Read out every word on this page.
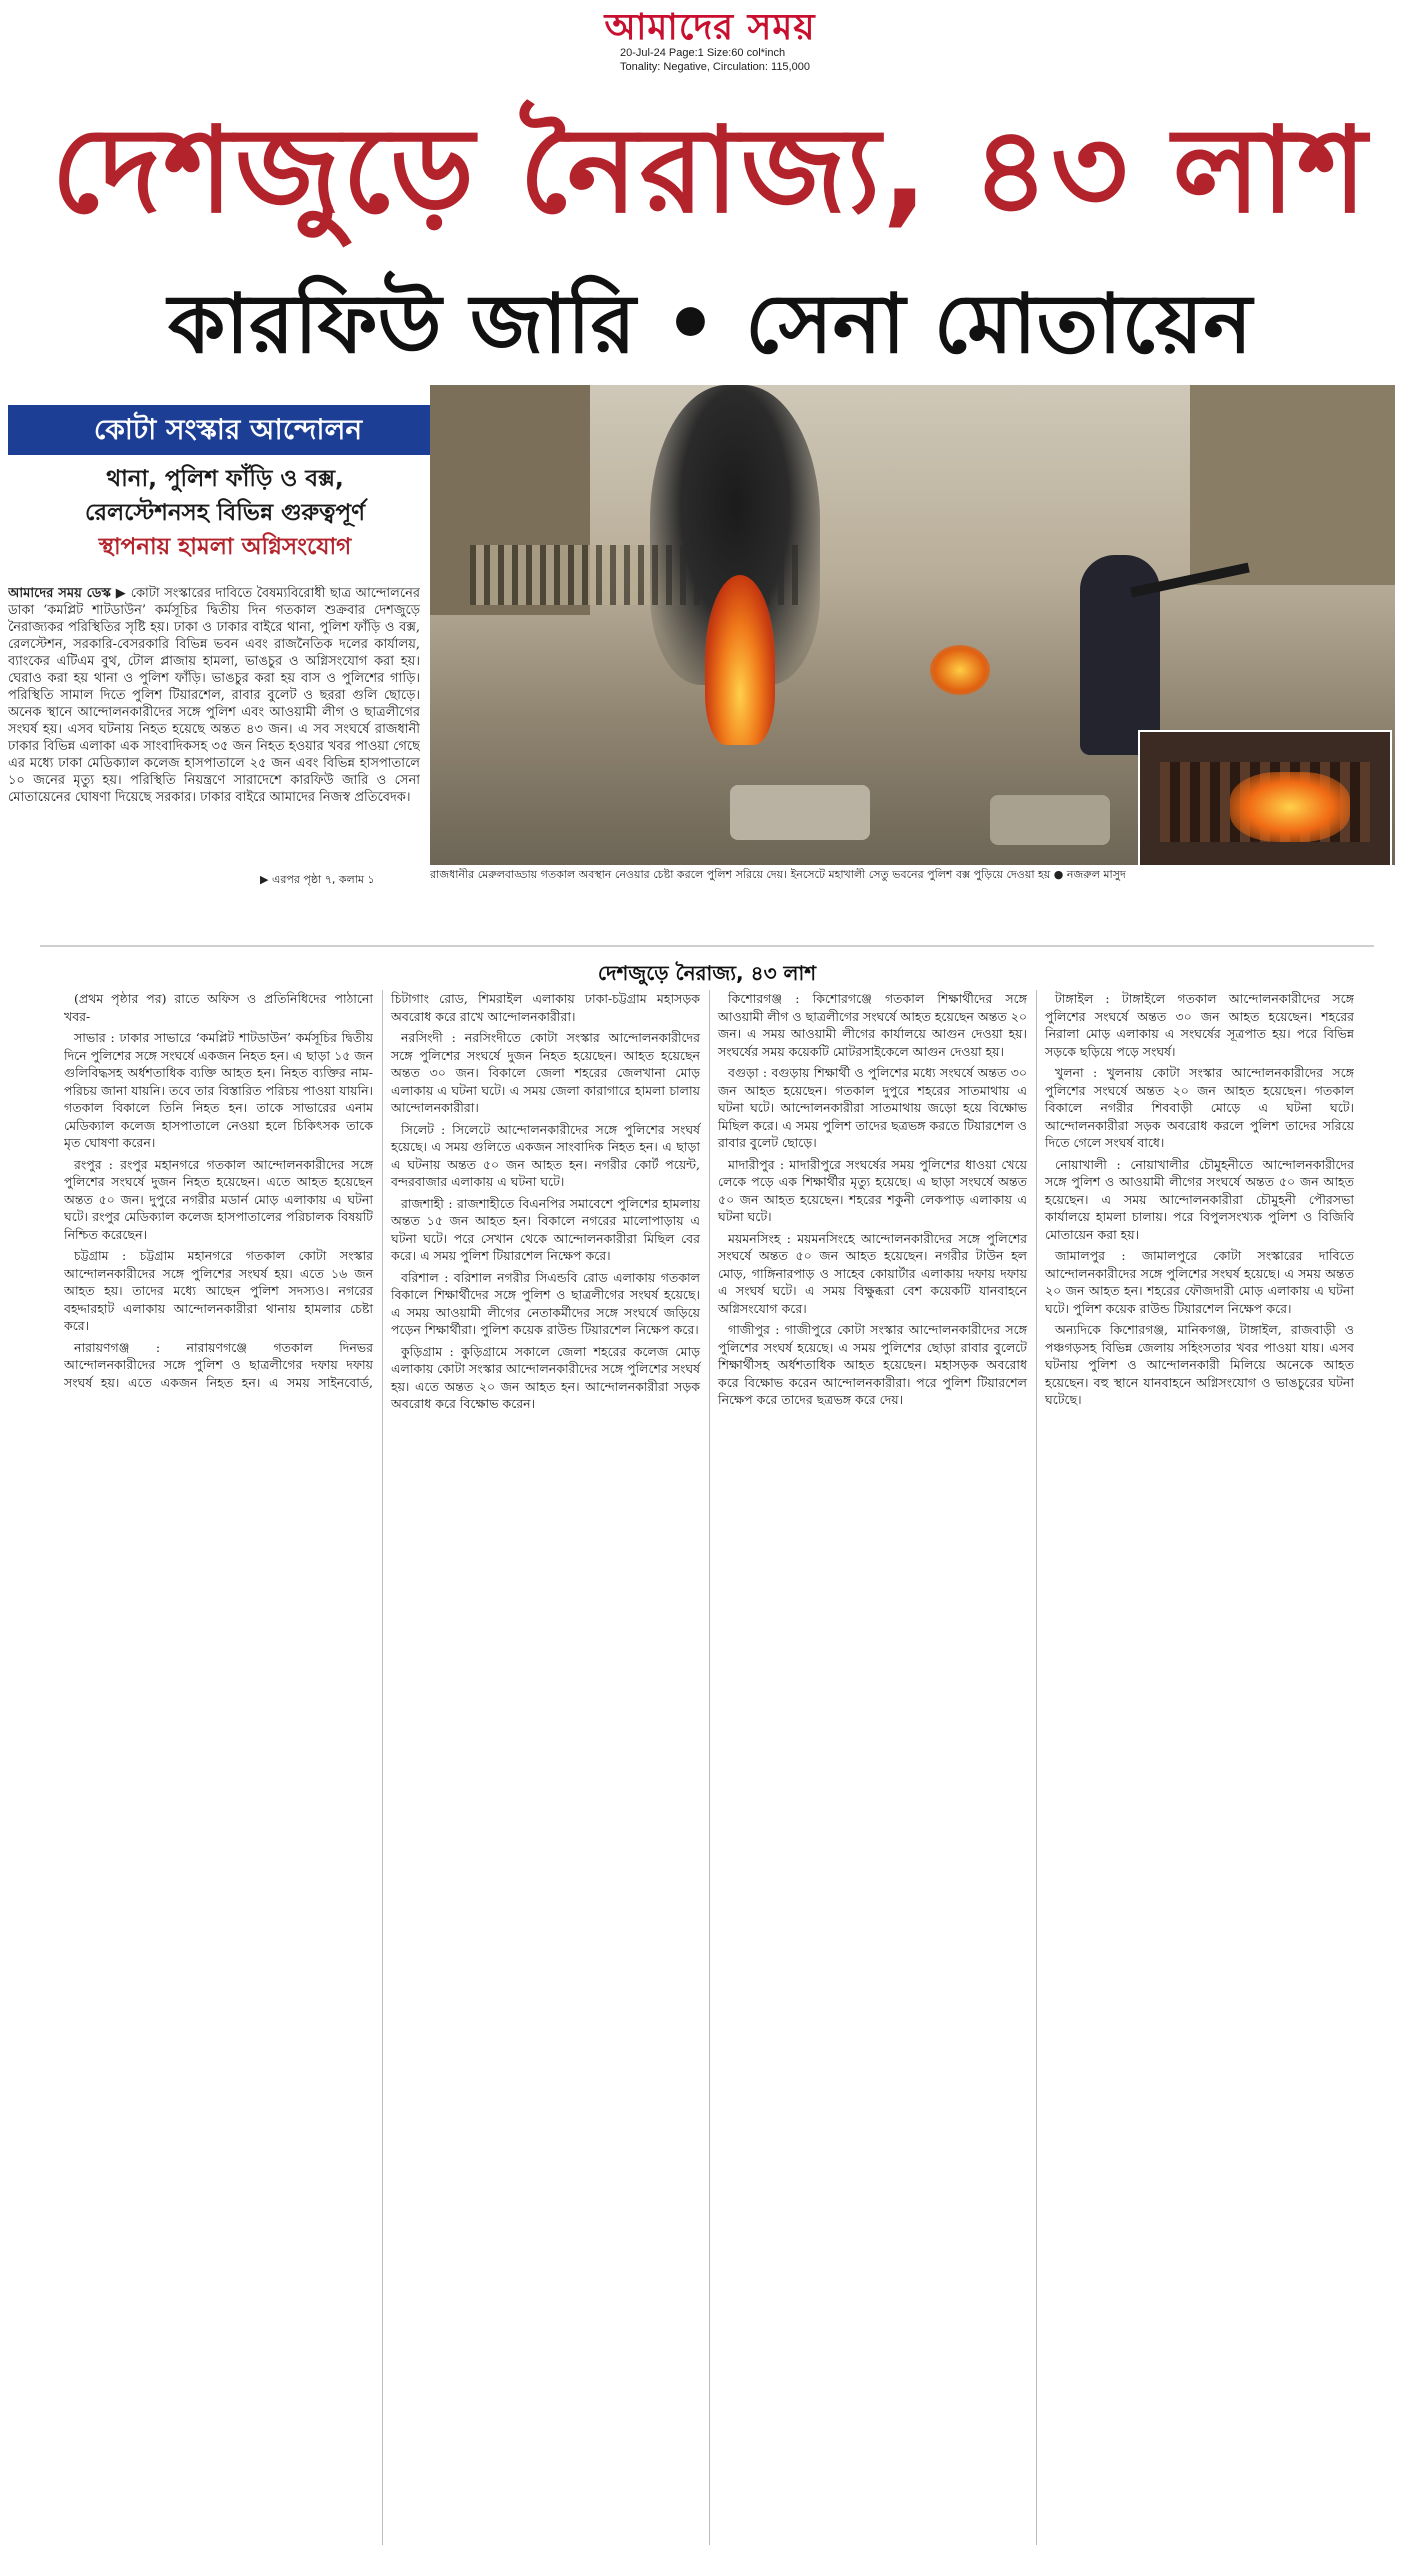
আমাদের সময়
20-Jul-24 Page:1 Size:60 col*inch
Tonality: Negative, Circulation: 115,000
দেশজুড়ে নৈরাজ্য, ৪৩ লাশ
কারফিউ জারি • সেনা মোতায়েন
কোটা সংস্কার আন্দোলন
থানা, পুলিশ ফাঁড়ি ও বক্স,
রেলস্টেশনসহ বিভিন্ন গুরুত্বপূর্ণ
স্থাপনায় হামলা অগ্নিসংযোগ
আমাদের সময় ডেস্ক ▶ কোটা সংস্কারের দাবিতে বৈষম্যবিরোধী ছাত্র আন্দোলনের ডাকা ‘কমপ্লিট শাটডাউন’ কর্মসূচির দ্বিতীয় দিন গতকাল শুক্রবার দেশজুড়ে নৈরাজ্যকর পরিস্থিতির সৃষ্টি হয়। ঢাকা ও ঢাকার বাইরে থানা, পুলিশ ফাঁড়ি ও বক্স, রেলস্টেশন, সরকারি-বেসরকারি বিভিন্ন ভবন এবং রাজনৈতিক দলের কার্যালয়, ব্যাংকের এটিএম বুথ, টোল প্লাজায় হামলা, ভাঙচুর ও অগ্নিসংযোগ করা হয়। ঘেরাও করা হয় থানা ও পুলিশ ফাঁড়ি। ভাঙচুর করা হয় বাস ও পুলিশের গাড়ি। পরিস্থিতি সামাল দিতে পুলিশ টিয়ারশেল, রাবার বুলেট ও ছররা গুলি ছোড়ে। অনেক স্থানে আন্দোলনকারীদের সঙ্গে পুলিশ এবং আওয়ামী লীগ ও ছাত্রলীগের সংঘর্ষ হয়। এসব ঘটনায় নিহত হয়েছে অন্তত ৪৩ জন। এ সব সংঘর্ষে রাজধানী ঢাকার বিভিন্ন এলাকা এক সাংবাদিকসহ ৩৫ জন নিহত হওয়ার খবর পাওয়া গেছে এর মধ্যে ঢাকা মেডিক্যাল কলেজ হাসপাতালে ২৫ জন এবং বিভিন্ন হাসপাতালে ১০ জনের মৃত্যু হয়। পরিস্থিতি নিয়ন্ত্রণে সারাদেশে কারফিউ জারি ও সেনা মোতায়েনের ঘোষণা দিয়েছে সরকার। ঢাকার বাইরে আমাদের নিজস্ব প্রতিবেদক।
▶ এরপর পৃষ্ঠা ৭, কলাম ১	রাজধানীর মেরুলবাড্ডায় গতকাল অবস্থান নেওয়ার চেষ্টা করলে পুলিশ সরিয়ে দেয়। ইনসেটে মহাখালী সেতু ভবনের পুলিশ বক্স পুড়িয়ে দেওয়া হয় ● নজরুল মাসুদ
দেশজুড়ে নৈরাজ্য, ৪৩ লাশ

(প্রথম পৃষ্ঠার পর) রাতে অফিস ও প্রতিনিধিদের পাঠানো খবর-

সাভার : ঢাকার সাভারে ‘কমপ্লিট শাটডাউন’ কর্মসূচির দ্বিতীয় দিনে পুলিশের সঙ্গে সংঘর্ষে একজন নিহত হন। এ ছাড়া ১৫ জন গুলিবিদ্ধসহ অর্ধশতাধিক ব্যক্তি আহত হন। নিহত ব্যক্তির নাম-পরিচয় জানা যায়নি। তবে তার বিস্তারিত পরিচয় পাওয়া যায়নি। গতকাল বিকালে তিনি নিহত হন। তাকে সাভারের এনাম মেডিক্যাল কলেজ হাসপাতালে নেওয়া হলে চিকিৎসক তাকে মৃত ঘোষণা করেন।

রংপুর : রংপুর মহানগরে গতকাল আন্দোলনকারীদের সঙ্গে পুলিশের সংঘর্ষে দুজন নিহত হয়েছেন। এতে আহত হয়েছেন অন্তত ৫০ জন। দুপুরে নগরীর মডার্ন মোড় এলাকায় এ ঘটনা ঘটে। রংপুর মেডিক্যাল কলেজ হাসপাতালের পরিচালক বিষয়টি নিশ্চিত করেছেন।

চট্টগ্রাম : চট্টগ্রাম মহানগরে গতকাল কোটা সংস্কার আন্দোলনকারীদের সঙ্গে পুলিশের সংঘর্ষ হয়। এতে ১৬ জন আহত হয়। তাদের মধ্যে আছেন পুলিশ সদস্যও। নগরের বহদ্দারহাট এলাকায় আন্দোলনকারীরা থানায় হামলার চেষ্টা করে।

নারায়ণগঞ্জ : নারায়ণগঞ্জে গতকাল দিনভর আন্দোলনকারীদের সঙ্গে পুলিশ ও ছাত্রলীগের দফায় দফায় সংঘর্ষ হয়। এতে একজন নিহত হন। এ সময় সাইনবোর্ড, চিটাগাং রোড, শিমরাইল এলাকায় ঢাকা-চট্টগ্রাম মহাসড়ক অবরোধ করে রাখে আন্দোলনকারীরা।

নরসিংদী : নরসিংদীতে কোটা সংস্কার আন্দোলনকারীদের সঙ্গে পুলিশের সংঘর্ষে দুজন নিহত হয়েছেন। আহত হয়েছেন অন্তত ৩০ জন। বিকালে জেলা শহরের জেলখানা মোড় এলাকায় এ ঘটনা ঘটে। এ সময় জেলা কারাগারে হামলা চালায় আন্দোলনকারীরা।

সিলেট : সিলেটে আন্দোলনকারীদের সঙ্গে পুলিশের সংঘর্ষ হয়েছে। এ সময় গুলিতে একজন সাংবাদিক নিহত হন। এ ছাড়া এ ঘটনায় অন্তত ৫০ জন আহত হন। নগরীর কোর্ট পয়েন্ট, বন্দরবাজার এলাকায় এ ঘটনা ঘটে।

রাজশাহী : রাজশাহীতে বিএনপির সমাবেশে পুলিশের হামলায় অন্তত ১৫ জন আহত হন। বিকালে নগরের মালোপাড়ায় এ ঘটনা ঘটে। পরে সেখান থেকে আন্দোলনকারীরা মিছিল বের করে। এ সময় পুলিশ টিয়ারশেল নিক্ষেপ করে।

বরিশাল : বরিশাল নগরীর সিএন্ডবি রোড এলাকায় গতকাল বিকালে শিক্ষার্থীদের সঙ্গে পুলিশ ও ছাত্রলীগের সংঘর্ষ হয়েছে। এ সময় আওয়ামী লীগের নেতাকর্মীদের সঙ্গে সংঘর্ষে জড়িয়ে পড়েন শিক্ষার্থীরা। পুলিশ কয়েক রাউন্ড টিয়ারশেল নিক্ষেপ করে।

কুড়িগ্রাম : কুড়িগ্রামে সকালে জেলা শহরের কলেজ মোড় এলাকায় কোটা সংস্কার আন্দোলনকারীদের সঙ্গে পুলিশের সংঘর্ষ হয়। এতে অন্তত ২০ জন আহত হন। আন্দোলনকারীরা সড়ক অবরোধ করে বিক্ষোভ করেন।

কিশোরগঞ্জ : কিশোরগঞ্জে গতকাল শিক্ষার্থীদের সঙ্গে আওয়ামী লীগ ও ছাত্রলীগের সংঘর্ষে আহত হয়েছেন অন্তত ২০ জন। এ সময় আওয়ামী লীগের কার্যালয়ে আগুন দেওয়া হয়। সংঘর্ষের সময় কয়েকটি মোটরসাইকেলে আগুন দেওয়া হয়।

বগুড়া : বগুড়ায় শিক্ষার্থী ও পুলিশের মধ্যে সংঘর্ষে অন্তত ৩০ জন আহত হয়েছেন। গতকাল দুপুরে শহরের সাতমাথায় এ ঘটনা ঘটে। আন্দোলনকারীরা সাতমাথায় জড়ো হয়ে বিক্ষোভ মিছিল করে। এ সময় পুলিশ তাদের ছত্রভঙ্গ করতে টিয়ারশেল ও রাবার বুলেট ছোড়ে।

মাদারীপুর : মাদারীপুরে সংঘর্ষের সময় পুলিশের ধাওয়া খেয়ে লেকে পড়ে এক শিক্ষার্থীর মৃত্যু হয়েছে। এ ছাড়া সংঘর্ষে অন্তত ৫০ জন আহত হয়েছেন। শহরের শকুনী লেকপাড় এলাকায় এ ঘটনা ঘটে।

ময়মনসিংহ : ময়মনসিংহে আন্দোলনকারীদের সঙ্গে পুলিশের সংঘর্ষে অন্তত ৫০ জন আহত হয়েছেন। নগরীর টাউন হল মোড়, গাঙ্গিনারপাড় ও সাহেব কোয়ার্টার এলাকায় দফায় দফায় এ সংঘর্ষ ঘটে। এ সময় বিক্ষুব্ধরা বেশ কয়েকটি যানবাহনে অগ্নিসংযোগ করে।

গাজীপুর : গাজীপুরে কোটা সংস্কার আন্দোলনকারীদের সঙ্গে পুলিশের সংঘর্ষ হয়েছে। এ সময় পুলিশের ছোড়া রাবার বুলেটে শিক্ষার্থীসহ অর্ধশতাধিক আহত হয়েছেন। মহাসড়ক অবরোধ করে বিক্ষোভ করেন আন্দোলনকারীরা। পরে পুলিশ টিয়ারশেল নিক্ষেপ করে তাদের ছত্রভঙ্গ করে দেয়।

টাঙ্গাইল : টাঙ্গাইলে গতকাল আন্দোলনকারীদের সঙ্গে পুলিশের সংঘর্ষে অন্তত ৩০ জন আহত হয়েছেন। শহরের নিরালা মোড় এলাকায় এ সংঘর্ষের সূত্রপাত হয়। পরে বিভিন্ন সড়কে ছড়িয়ে পড়ে সংঘর্ষ।

খুলনা : খুলনায় কোটা সংস্কার আন্দোলনকারীদের সঙ্গে পুলিশের সংঘর্ষে অন্তত ২০ জন আহত হয়েছেন। গতকাল বিকালে নগরীর শিববাড়ী মোড়ে এ ঘটনা ঘটে। আন্দোলনকারীরা সড়ক অবরোধ করলে পুলিশ তাদের সরিয়ে দিতে গেলে সংঘর্ষ বাধে।

নোয়াখালী : নোয়াখালীর চৌমুহনীতে আন্দোলনকারীদের সঙ্গে পুলিশ ও আওয়ামী লীগের সংঘর্ষে অন্তত ৫০ জন আহত হয়েছেন। এ সময় আন্দোলনকারীরা চৌমুহনী পৌরসভা কার্যালয়ে হামলা চালায়। পরে বিপুলসংখ্যক পুলিশ ও বিজিবি মোতায়েন করা হয়।

জামালপুর : জামালপুরে কোটা সংস্কারের দাবিতে আন্দোলনকারীদের সঙ্গে পুলিশের সংঘর্ষ হয়েছে। এ সময় অন্তত ২০ জন আহত হন। শহরের ফৌজদারী মোড় এলাকায় এ ঘটনা ঘটে। পুলিশ কয়েক রাউন্ড টিয়ারশেল নিক্ষেপ করে।

অন্যদিকে কিশোরগঞ্জ, মানিকগঞ্জ, টাঙ্গাইল, রাজবাড়ী ও পঞ্চগড়সহ বিভিন্ন জেলায় সহিংসতার খবর পাওয়া যায়। এসব ঘটনায় পুলিশ ও আন্দোলনকারী মিলিয়ে অনেকে আহত হয়েছেন। বহু স্থানে যানবাহনে অগ্নিসংযোগ ও ভাঙচুরের ঘটনা ঘটেছে।
